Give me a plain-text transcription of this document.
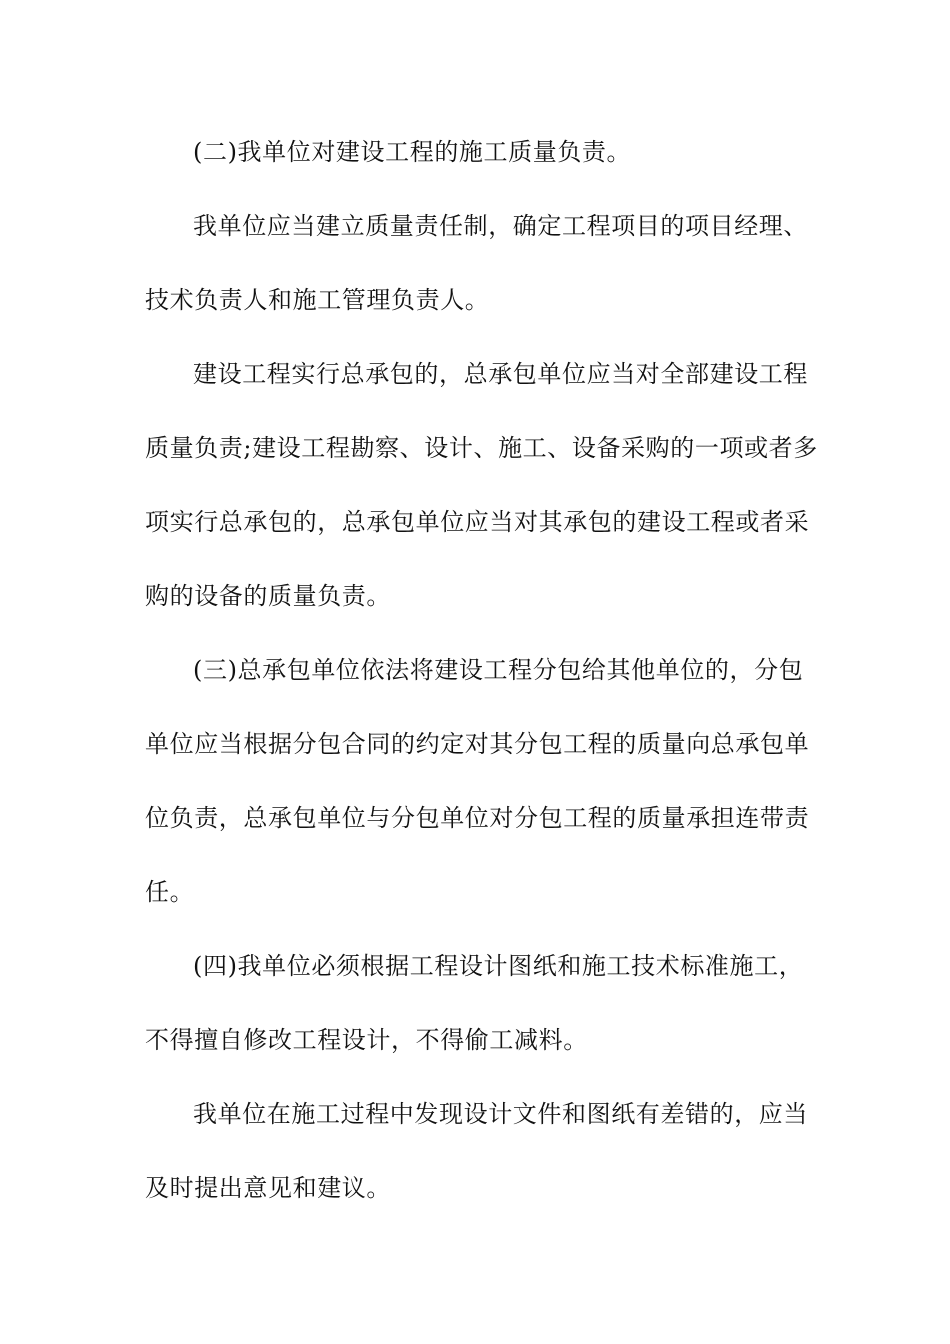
(二)我单位对建设工程的施工质量负责。
我单位应当建立质量责任制，确定工程项目的项目经理、
技术负责人和施工管理负责人。
建设工程实行总承包的，总承包单位应当对全部建设工程
质量负责;建设工程勘察、设计、施工、设备采购的一项或者多
项实行总承包的，总承包单位应当对其承包的建设工程或者采
购的设备的质量负责。
(三)总承包单位依法将建设工程分包给其他单位的，分包
单位应当根据分包合同的约定对其分包工程的质量向总承包单
位负责，总承包单位与分包单位对分包工程的质量承担连带责
任。
(四)我单位必须根据工程设计图纸和施工技术标准施工，
不得擅自修改工程设计，不得偷工减料。
我单位在施工过程中发现设计文件和图纸有差错的，应当
及时提出意见和建议。
